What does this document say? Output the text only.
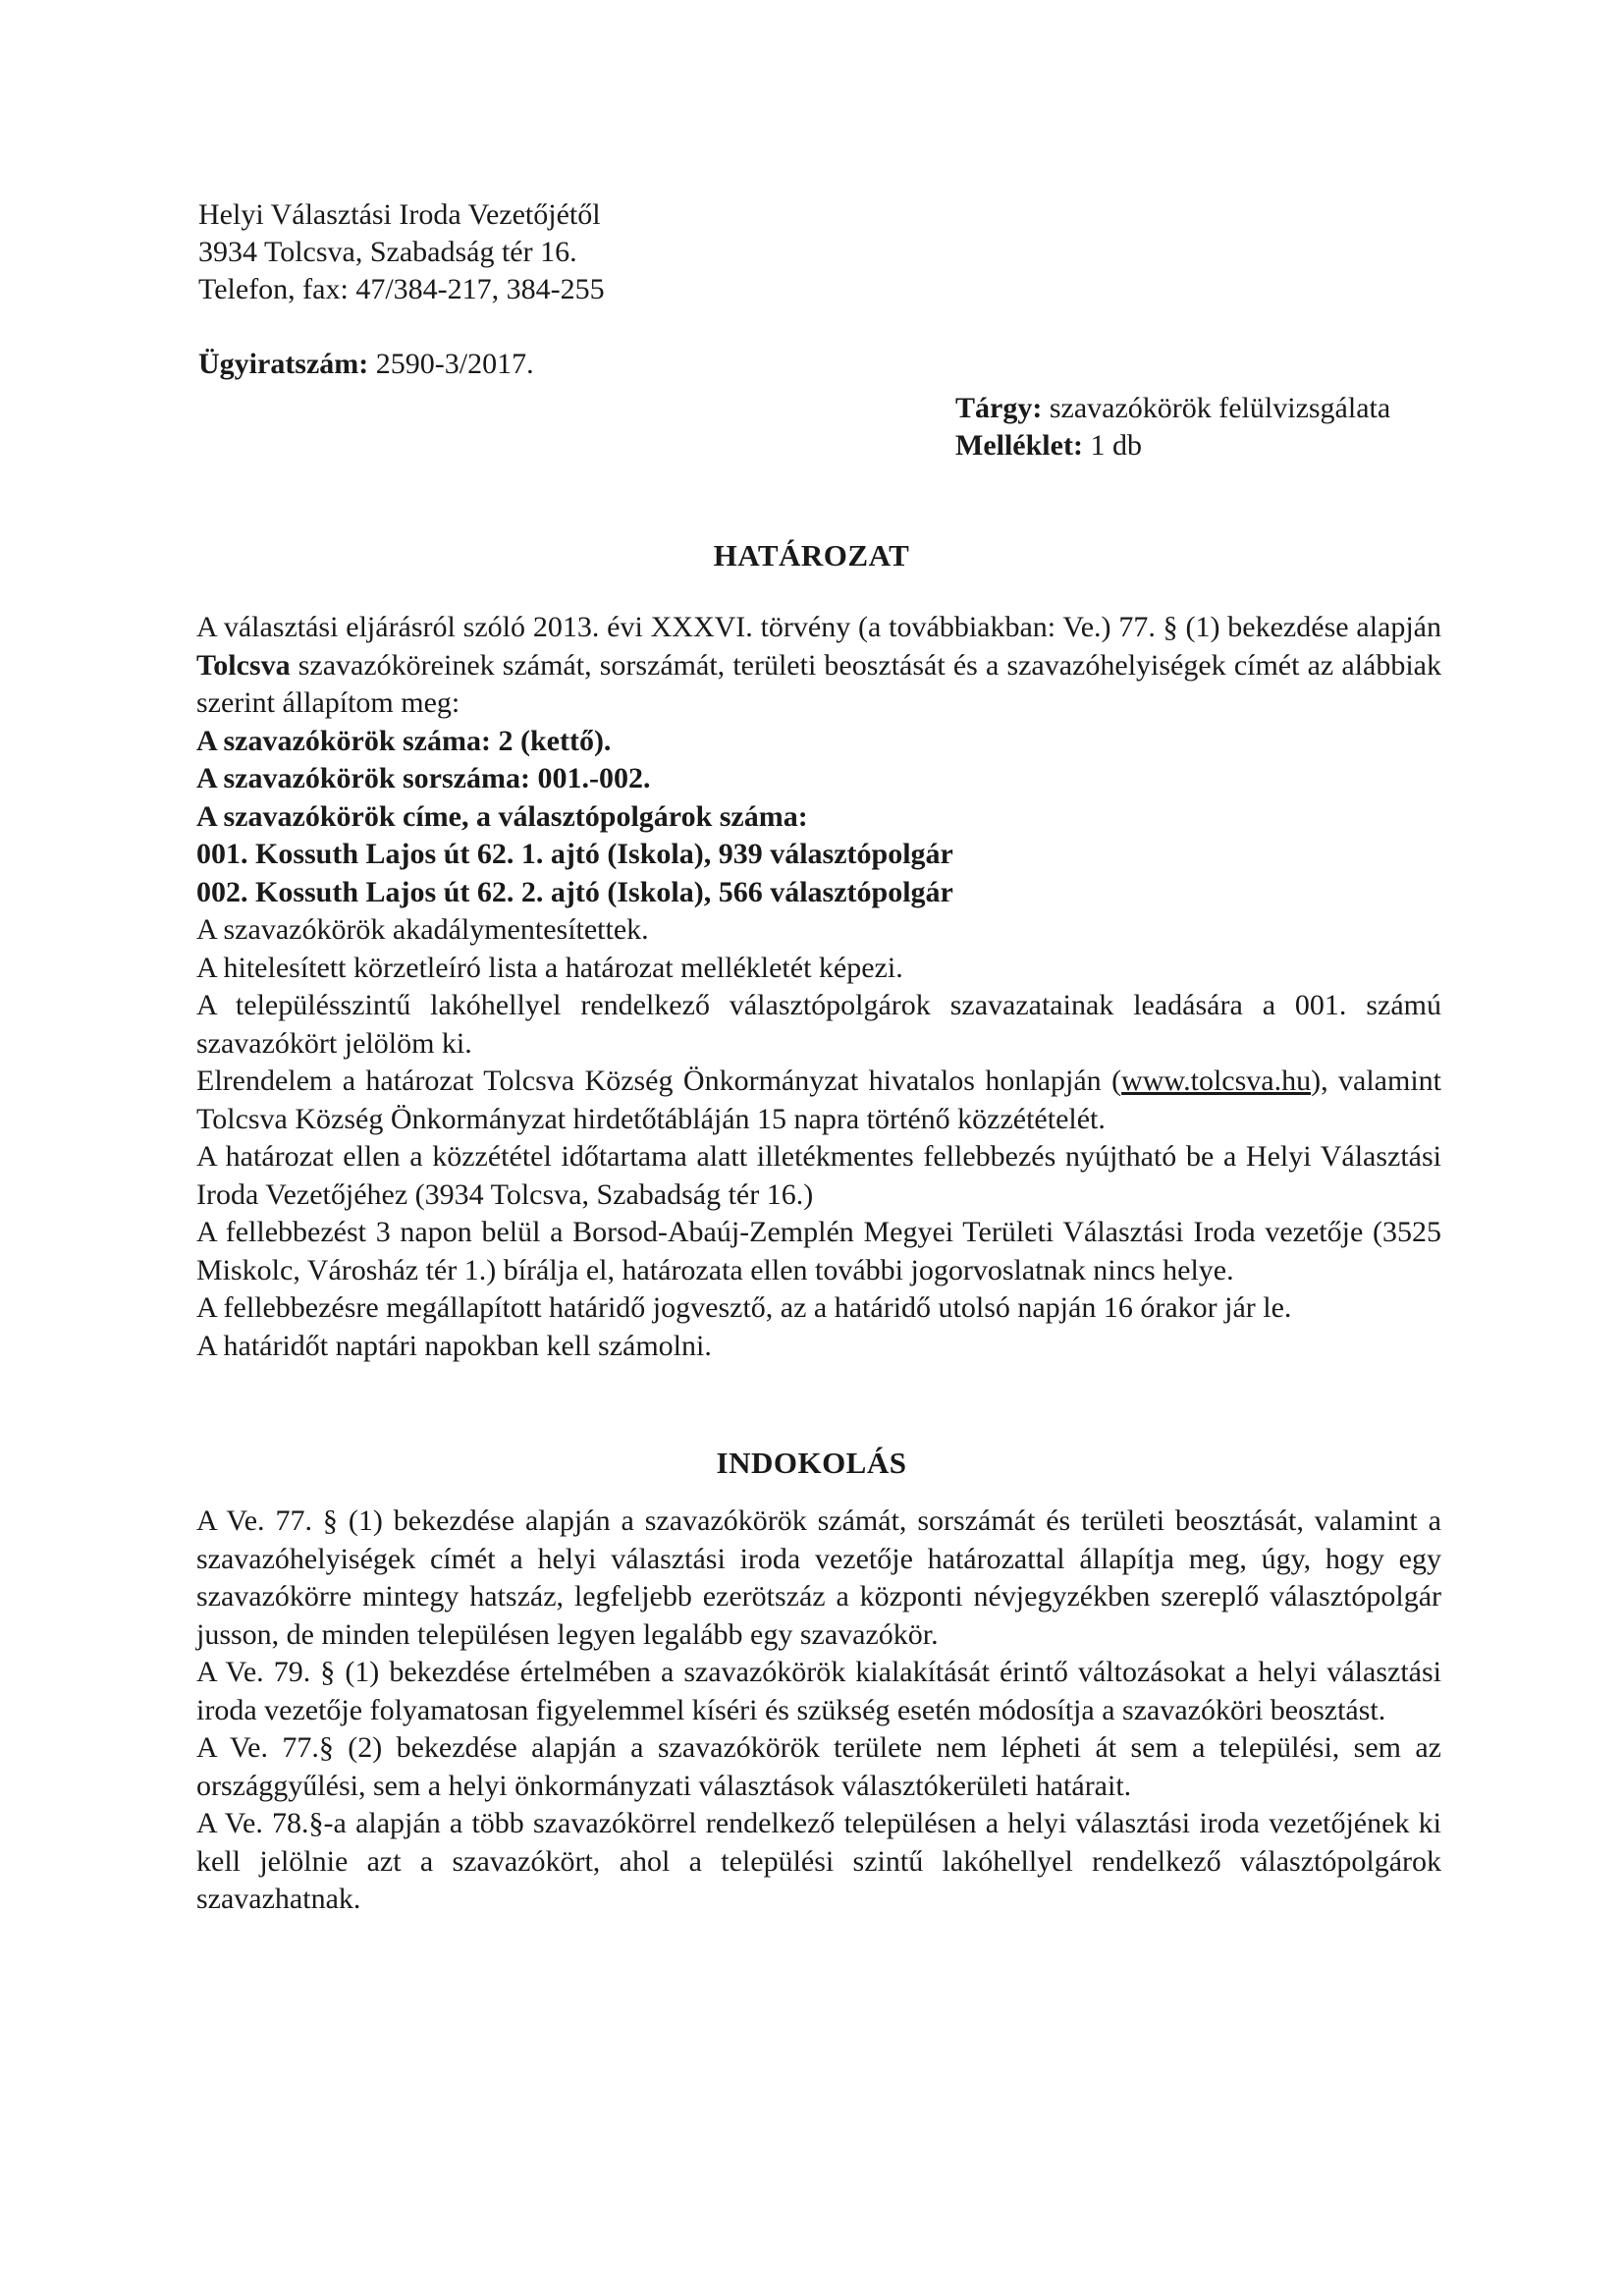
Helyi Választási Iroda Vezetőjétől
3934 Tolcsva, Szabadság tér 16.
Telefon, fax: 47/384-217, 384-255
Ügyiratszám: 2590-3/2017.
Tárgy: szavazókörök felülvizsgálata
Melléklet: 1 db
HATÁROZAT

A választási eljárásról szóló 2013. évi XXXVI. törvény (a továbbiakban: Ve.) 77. § (1) bekezdése alapján Tolcsva szavazóköreinek számát, sorszámát, területi beosztását és a szavazóhelyiségek címét az alábbiak szerint állapítom meg:

A szavazókörök száma: 2 (kettő).

A szavazókörök sorszáma: 001.-002.

A szavazókörök címe, a választópolgárok száma:

001. Kossuth Lajos út 62. 1. ajtó (Iskola), 939 választópolgár

002. Kossuth Lajos út 62. 2. ajtó (Iskola), 566 választópolgár

A szavazókörök akadálymentesítettek.

A hitelesített körzetleíró lista a határozat mellékletét képezi.

A településszintű lakóhellyel rendelkező választópolgárok szavazatainak leadására a 001. számú szavazókört jelölöm ki.

Elrendelem a határozat Tolcsva Község Önkormányzat hivatalos honlapján (www.tolcsva.hu), valamint Tolcsva Község Önkormányzat hirdetőtábláján 15 napra történő közzétételét.

A határozat ellen a közzététel időtartama alatt illetékmentes fellebbezés nyújtható be a Helyi Választási Iroda Vezetőjéhez (3934 Tolcsva, Szabadság tér 16.)

A fellebbezést 3 napon belül a Borsod-Abaúj-Zemplén Megyei Területi Választási Iroda vezetője (3525 Miskolc, Városház tér 1.) bírálja el, határozata ellen további jogorvoslatnak nincs helye.

A fellebbezésre megállapított határidő jogvesztő, az a határidő utolsó napján 16 órakor jár le.

A határidőt naptári napokban kell számolni.

INDOKOLÁS

A Ve. 77. § (1) bekezdése alapján a szavazókörök számát, sorszámát és területi beosztását, valamint a szavazóhelyiségek címét a helyi választási iroda vezetője határozattal állapítja meg, úgy, hogy egy szavazókörre mintegy hatszáz, legfeljebb ezerötszáz a központi névjegyzékben szereplő választópolgár jusson, de minden településen legyen legalább egy szavazókör.

A Ve. 79. § (1) bekezdése értelmében a szavazókörök kialakítását érintő változásokat a helyi választási iroda vezetője folyamatosan figyelemmel kíséri és szükség esetén módosítja a szavazóköri beosztást.

A Ve. 77.§ (2) bekezdése alapján a szavazókörök területe nem lépheti át sem a települési, sem az országgyűlési, sem a helyi önkormányzati választások választókerületi határait.

A Ve. 78.§-a alapján a több szavazókörrel rendelkező településen a helyi választási iroda vezetőjének ki kell jelölnie azt a szavazókört, ahol a települési szintű lakóhellyel rendelkező választópolgárok szavazhatnak.
